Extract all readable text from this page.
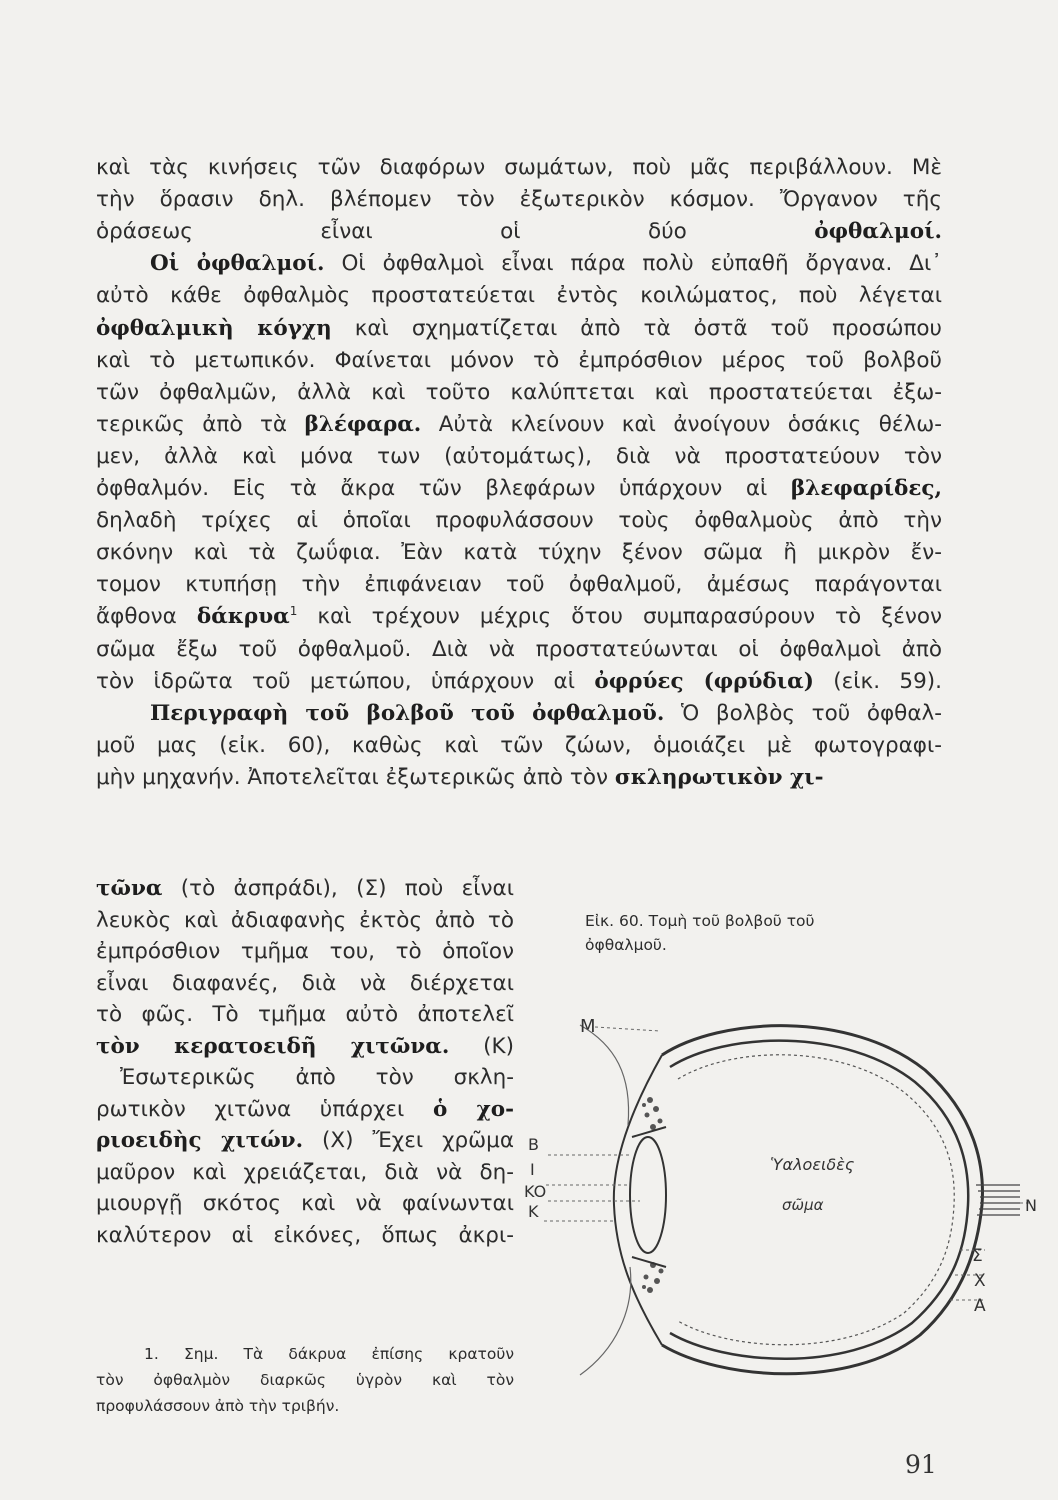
καὶ τὰς κινήσεις τῶν διαφόρων σωμάτων, ποὺ μᾶς περιβάλλουν. Μὲ
τὴν ὅρασιν δηλ. βλέπομεν τὸν ἐξωτερικὸν κόσμον. Ὄργανον τῆς
ὁράσεως εἶναι οἱ δύο ὀφθαλμοί.
Οἱ ὀφθαλμοί. Οἱ ὀφθαλμοὶ εἶναι πάρα πολὺ εὐπαθῆ ὄργανα. Δι᾽
αὐτὸ κάθε ὀφθαλμὸς προστατεύεται ἐντὸς κοιλώματος, ποὺ λέγεται
ὀφθαλμικὴ κόγχη καὶ σχηματίζεται ἀπὸ τὰ ὀστᾶ τοῦ προσώπου
καὶ τὸ μετωπικόν. Φαίνεται μόνον τὸ ἐμπρόσθιον μέρος τοῦ βολβοῦ
τῶν ὀφθαλμῶν, ἀλλὰ καὶ τοῦτο καλύπτεται καὶ προστατεύεται ἐξω-
τερικῶς ἀπὸ τὰ βλέφαρα. Αὐτὰ κλείνουν καὶ ἀνοίγουν ὁσάκις θέλω-
μεν, ἀλλὰ καὶ μόνα των (αὐτομάτως), διὰ νὰ προστατεύουν τὸν
ὀφθαλμόν. Εἰς τὰ ἄκρα τῶν βλεφάρων ὑπάρχουν αἱ βλεφαρίδες,
δηλαδὴ τρίχες αἱ ὁποῖαι προφυλάσσουν τοὺς ὀφθαλμοὺς ἀπὸ τὴν
σκόνην καὶ τὰ ζωΰφια. Ἐὰν κατὰ τύχην ξένον σῶμα ἢ μικρὸν ἔν-
τομον κτυπήσῃ τὴν ἐπιφάνειαν τοῦ ὀφθαλμοῦ, ἀμέσως παράγονται
ἄφθονα δάκρυα$^1$ καὶ τρέχουν μέχρις ὅτου συμπαρασύρουν τὸ ξένον
σῶμα ἔξω τοῦ ὀφθαλμοῦ. Διὰ νὰ προστατεύωνται οἱ ὀφθαλμοὶ ἀπὸ
τὸν ἱδρῶτα τοῦ μετώπου, ὑπάρχουν αἱ ὀφρύες (φρύδια) (εἰκ. 59).
Περιγραφὴ τοῦ βολβοῦ τοῦ ὀφθαλμοῦ. Ὁ βολβὸς τοῦ ὀφθαλ-
μοῦ μας (εἰκ. 60), καθὼς καὶ τῶν ζώων, ὁμοιάζει μὲ φωτογραφι-
μὴν μηχανήν. Ἀποτελεῖται ἐξωτερικῶς ἀπὸ τὸν σκληρωτικὸν χι-
τῶνα (τὸ ἀσπράδι), (Σ) ποὺ εἶναι
λευκὸς καὶ ἀδιαφανὴς ἐκτὸς ἀπὸ τὸ
ἐμπρόσθιον τμῆμα του, τὸ ὁποῖον
εἶναι διαφανές, διὰ νὰ διέρχεται
τὸ φῶς. Τὸ τμῆμα αὐτὸ ἀποτελεῖ
τὸν κερατοειδῆ χιτῶνα. (Κ)
Ἐσωτερικῶς ἀπὸ τὸν σκλη-
ρωτικὸν χιτῶνα ὑπάρχει ὁ χο-
ριοειδὴς χιτών. (Χ) Ἔχει χρῶμα
μαῦρον καὶ χρειάζεται, διὰ νὰ δη-
μιουργῇ σκότος καὶ νὰ φαίνωνται
καλύτερον αἱ εἰκόνες, ὅπως ἀκρι-
1. Σημ. Τὰ δάκρυα ἐπίσης κρατοῦν
τὸν ὀφθαλμὸν διαρκῶς ὑγρὸν καὶ τὸν
προφυλάσσουν ἀπὸ τὴν τριβήν.
Εἰκ. 60. Τομὴ τοῦ βολβοῦ τοῦ
ὀφθαλμοῦ.
M
B
I
KO
K	N
Σ
X
A
Ὑαλοειδὲς
σῶμα
91
